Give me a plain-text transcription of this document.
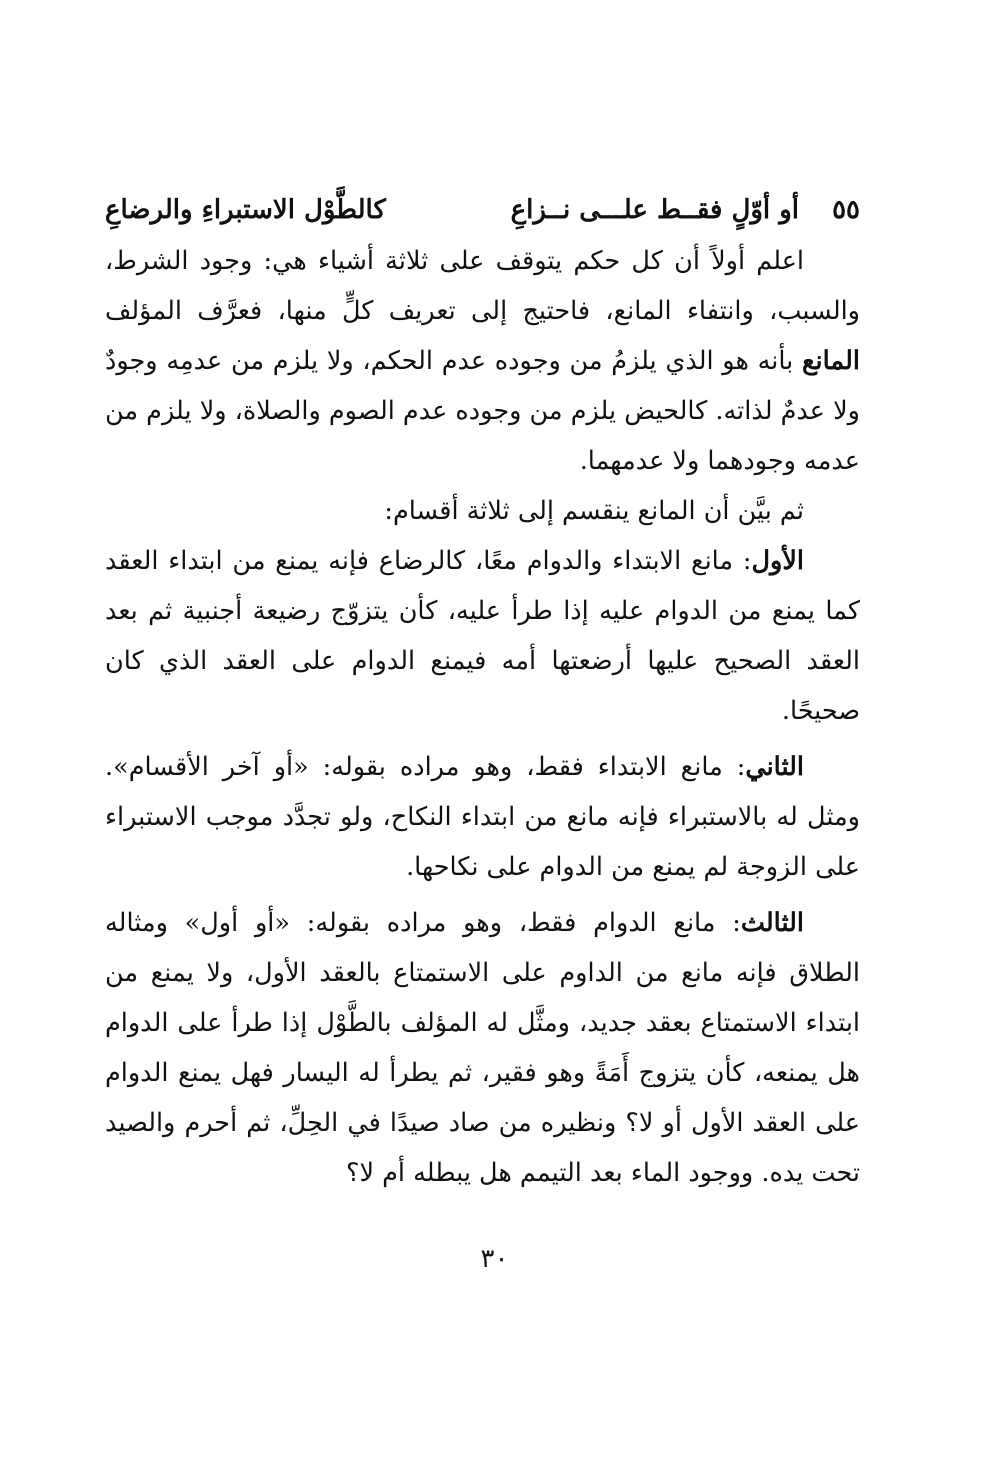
٥٥ أو أوّلٍ فقــط علـــى نــزاعِ
كالطَّوْل الاستبراءِ والرضاعِ

اعلم أولاً أن كل حكم يتوقف على ثلاثة أشياء هي: وجود الشرط، والسبب، وانتفاء المانع، فاحتيج إلى تعريف كلٍّ منها، فعرَّف المؤلف المانع بأنه هو الذي يلزمُ من وجوده عدم الحكم، ولا يلزم من عدمِه وجودٌ ولا عدمٌ لذاته. كالحيض يلزم من وجوده عدم الصوم والصلاة، ولا يلزم من عدمه وجودهما ولا عدمهما.

ثم بيَّن أن المانع ينقسم إلى ثلاثة أقسام:

الأول: مانع الابتداء والدوام معًا، كالرضاع فإنه يمنع من ابتداء العقد كما يمنع من الدوام عليه إذا طرأ عليه، كأن يتزوّج رضيعة أجنبية ثم بعد العقد الصحيح عليها أرضعتها أمه فيمنع الدوام على العقد الذي كان صحيحًا.

الثاني: مانع الابتداء فقط، وهو مراده بقوله: «أو آخر الأقسام». ومثل له بالاستبراء فإنه مانع من ابتداء النكاح، ولو تجدَّد موجب الاستبراء على الزوجة لم يمنع من الدوام على نكاحها.

الثالث: مانع الدوام فقط، وهو مراده بقوله: «أو أول» ومثاله الطلاق فإنه مانع من الداوم على الاستمتاع بالعقد الأول، ولا يمنع من ابتداء الاستمتاع بعقد جديد، ومثَّل له المؤلف بالطَّوْل إذا طرأ على الدوام هل يمنعه، كأن يتزوج أَمَةً وهو فقير، ثم يطرأ له اليسار فهل يمنع الدوام على العقد الأول أو لا؟ ونظيره من صاد صيدًا في الحِلِّ، ثم أحرم والصيد تحت يده. ووجود الماء بعد التيمم هل يبطله أم لا؟

٣٠
